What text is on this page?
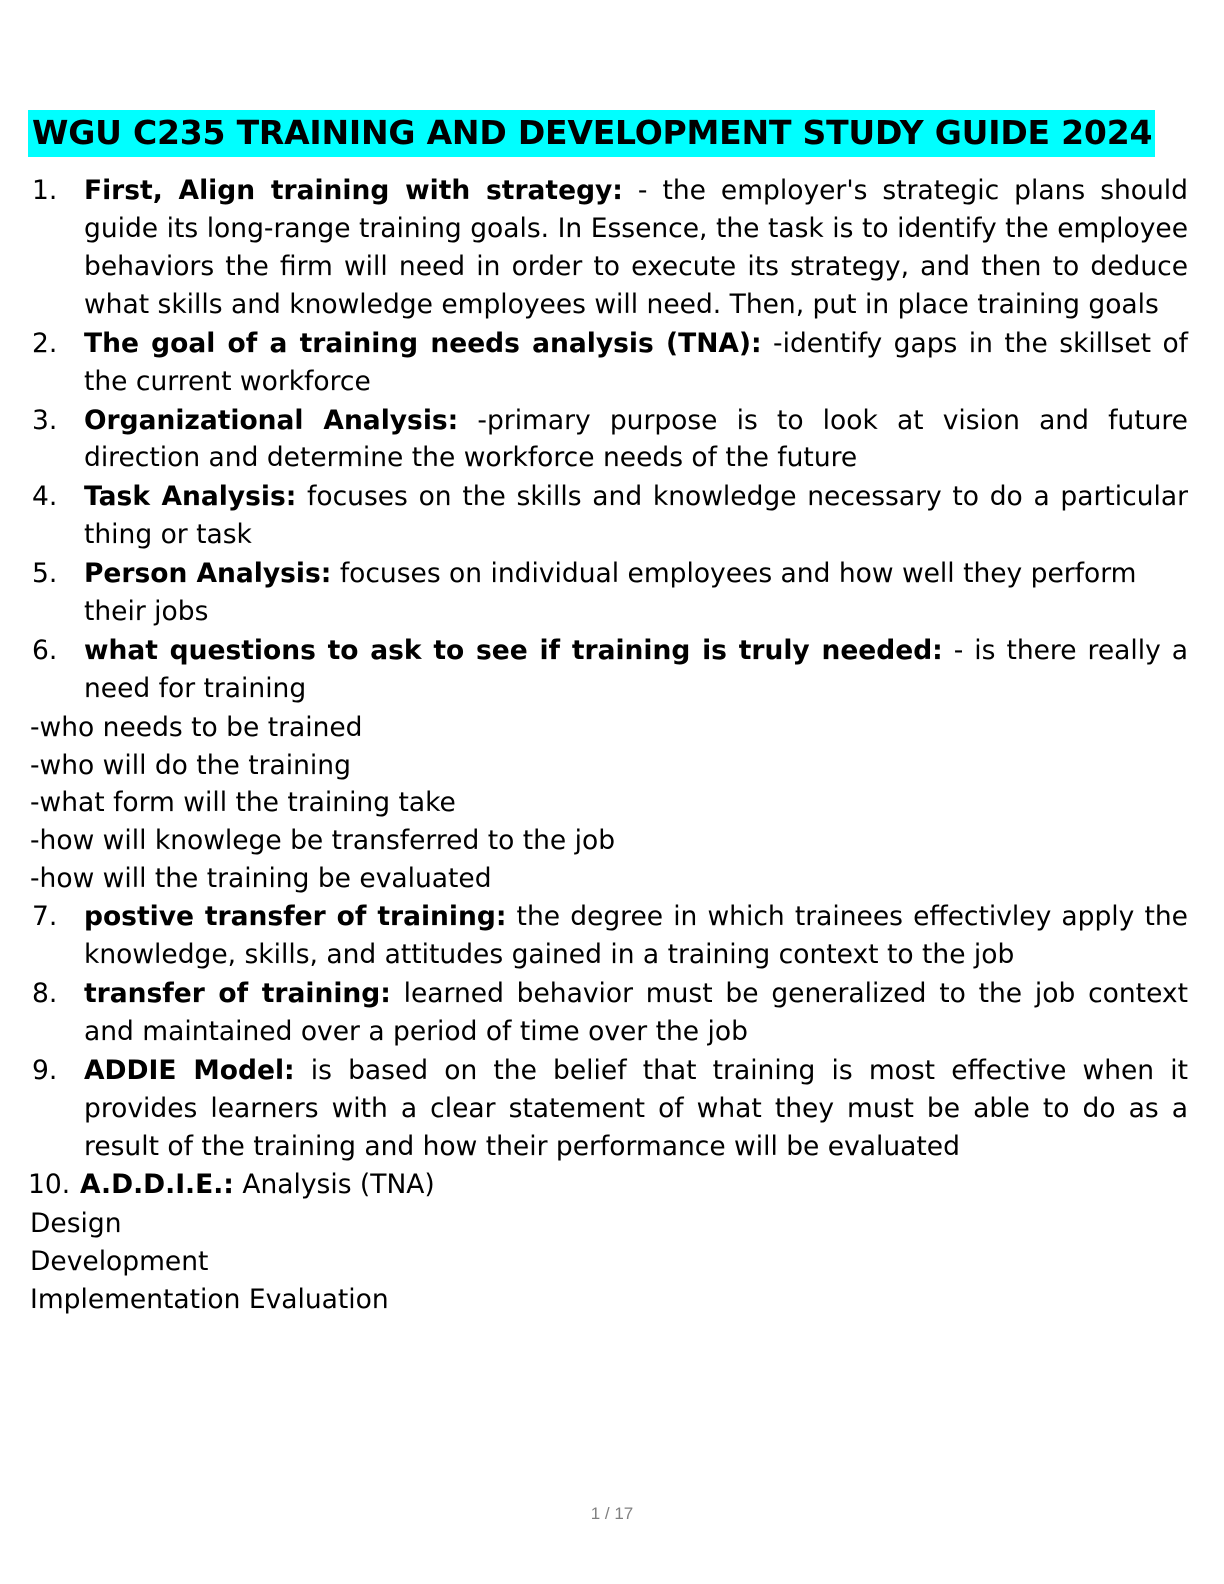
WGU C235 TRAINING AND DEVELOPMENT STUDY GUIDE 2024
1.	First, Align training with strategy: - the employer's strategic plans should guide its long-range training goals. In Essence, the task is to identify the employee behaviors the firm will need in order to execute its strategy, and then to deduce what skills and knowledge employees will need. Then, put in place training goals
2.	The goal of a training needs analysis (TNA): -identify gaps in the skillset of the current workforce
3.	Organizational Analysis: -primary purpose is to look at vision and future direction and determine the workforce needs of the future
4.	Task Analysis: focuses on the skills and knowledge necessary to do a particular thing or task
5.	Person Analysis: focuses on individual employees and how well they perform their jobs
6.	what questions to ask to see if training is truly needed: - is there really a need for training

-who needs to be trained

-who will do the training

-what form will the training take

-how will knowlege be transferred to the job

-how will the training be evaluated

7.	postive transfer of training: the degree in which trainees effectivley apply the knowledge, skills, and attitudes gained in a training context to the job
8.	transfer of training: learned behavior must be generalized to the job context and maintained over a period of time over the job
9.	ADDIE Model: is based on the belief that training is most effective when it provides learners with a clear statement of what they must be able to do as a result of the training and how their performance will be evaluated
10. A.D.D.I.E.: Analysis (TNA)

Design

Development

Implementation Evaluation

1 / 17
